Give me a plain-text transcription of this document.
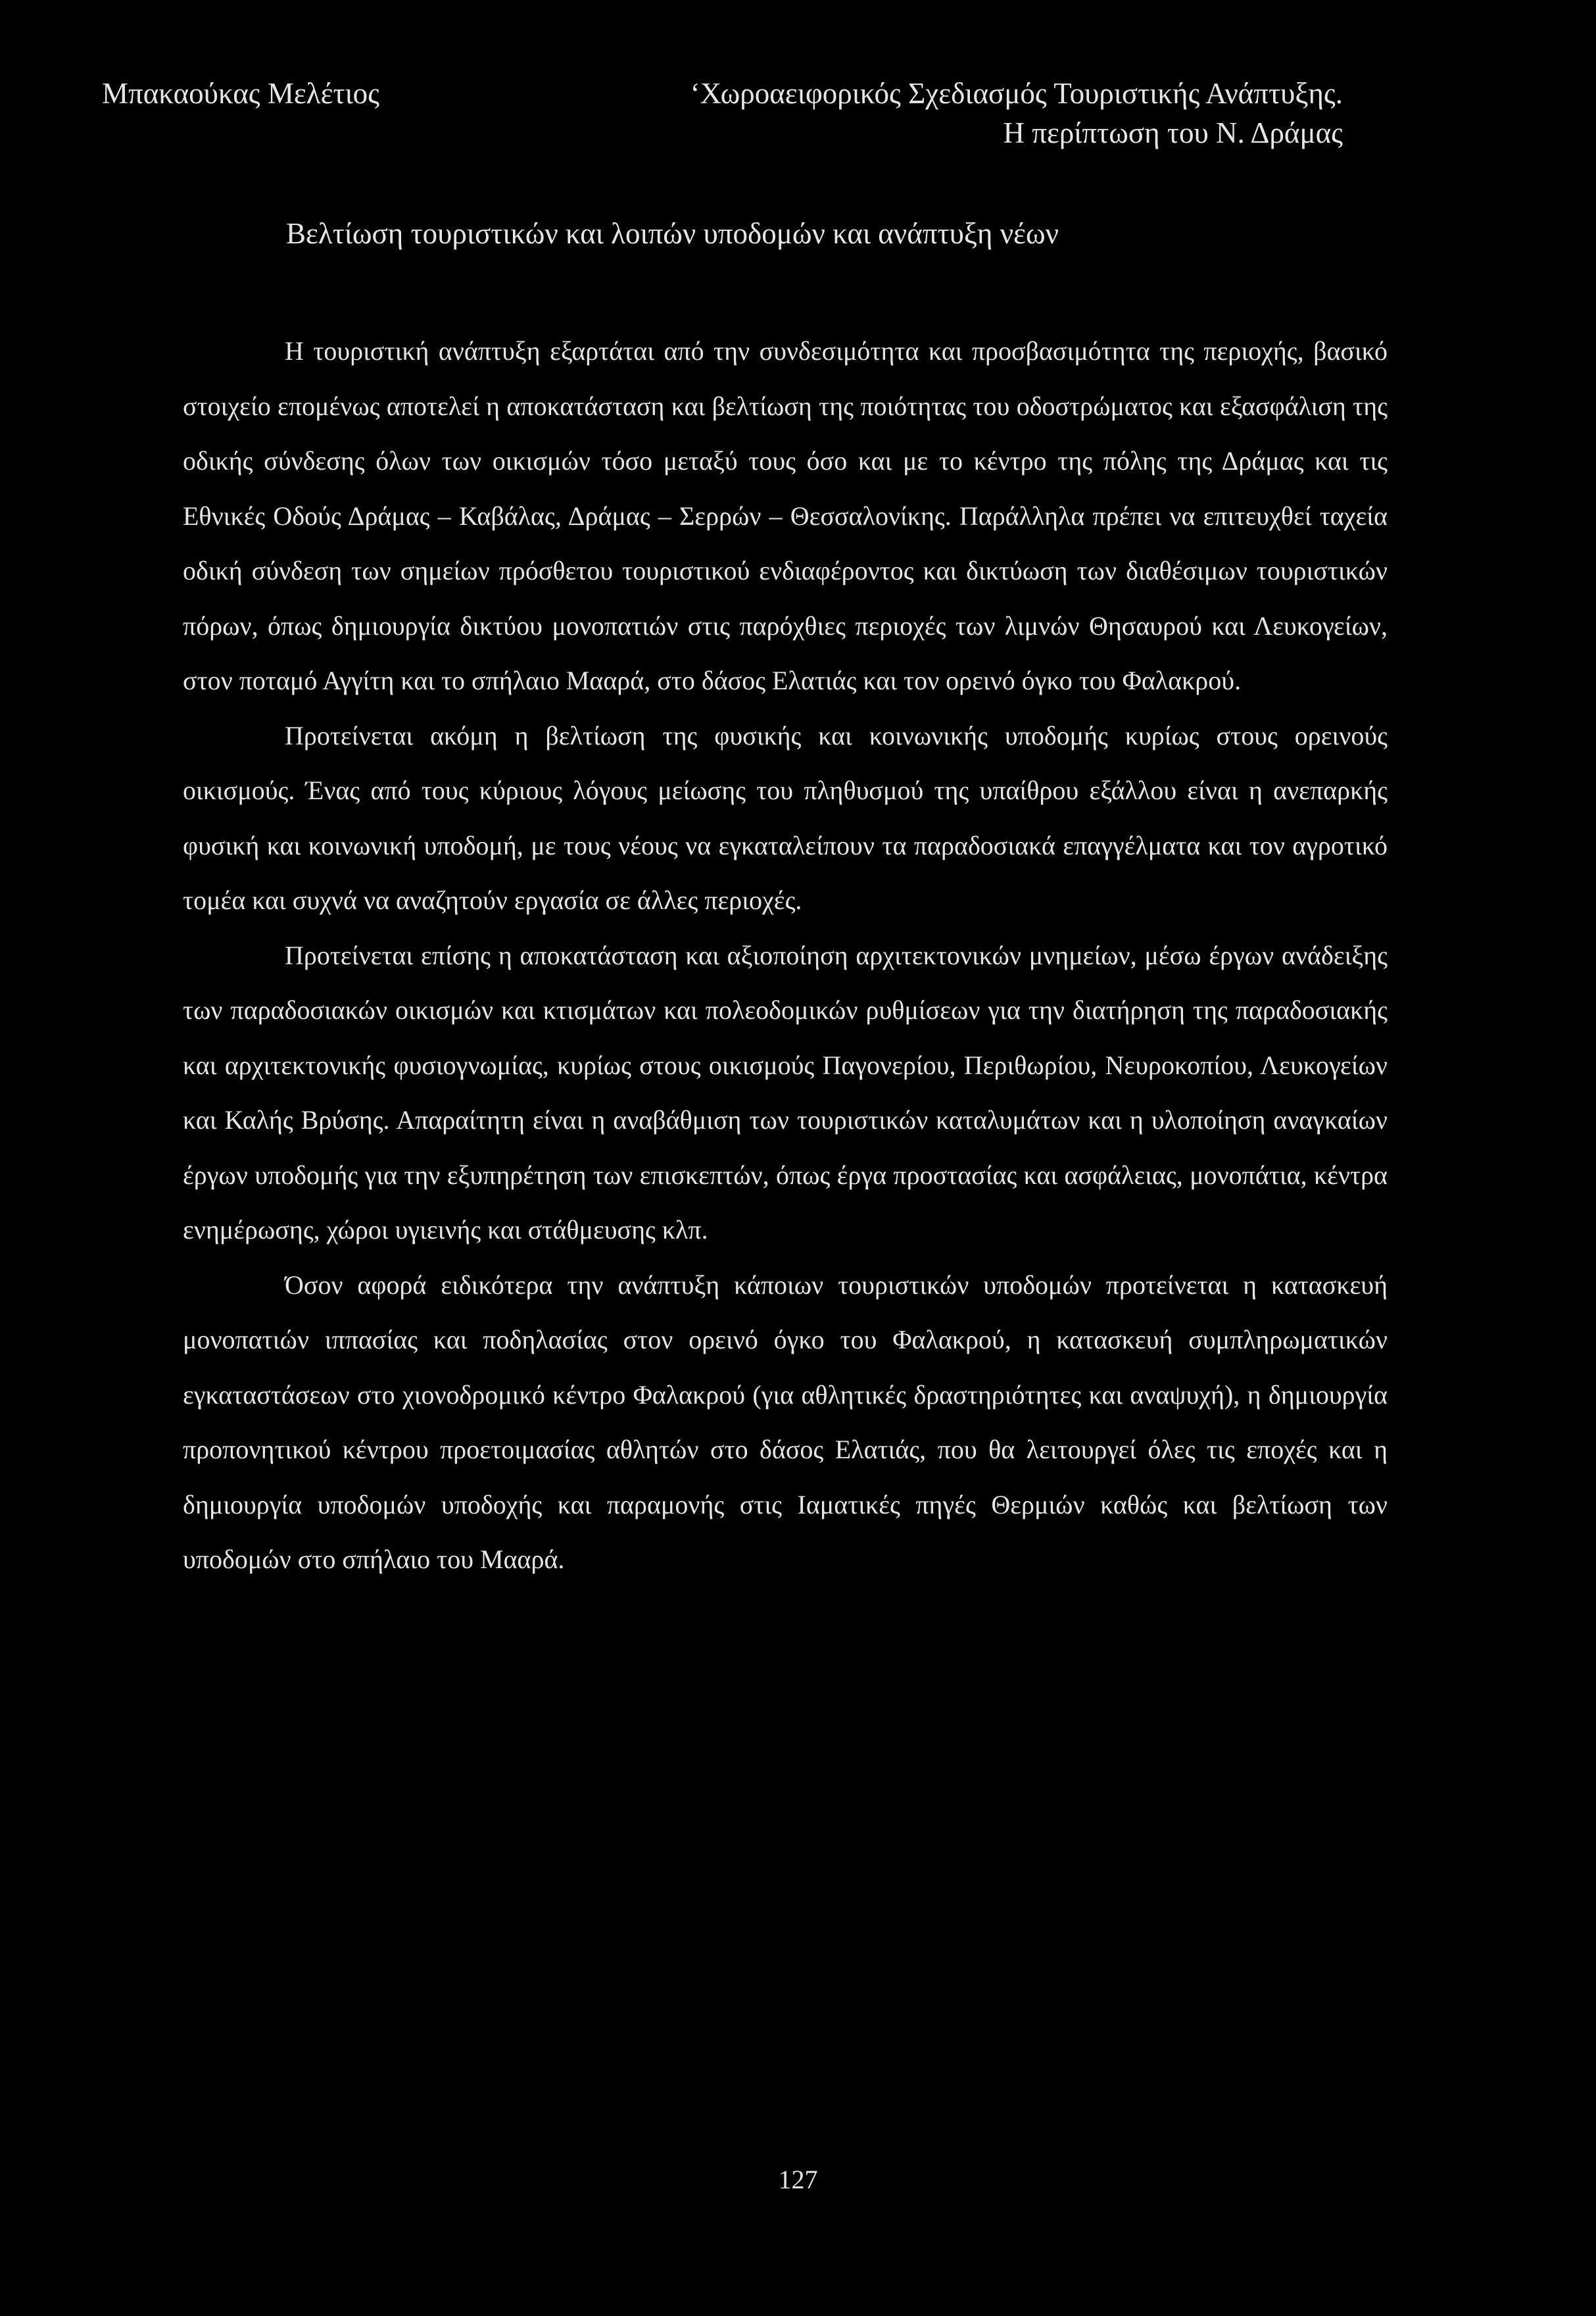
Μπακαούκας Μελέτιος	‘Χωροαειφορικός Σχεδιασμός Τουριστικής Ανάπτυξης.
Η περίπτωση του Ν. Δράμας
Βελτίωση τουριστικών και λοιπών υποδομών και ανάπτυξη νέων

Η τουριστική ανάπτυξη εξαρτάται από την συνδεσιμότητα και προσβασιμότητα της περιοχής, βασικό στοιχείο επομένως αποτελεί η αποκατάσταση και βελτίωση της ποιότητας του οδοστρώματος και εξασφάλιση της οδικής σύνδεσης όλων των οικισμών τόσο μεταξύ τους όσο και με το κέντρο της πόλης της Δράμας και τις Εθνικές Οδούς Δράμας – Καβάλας, Δράμας – Σερρών – Θεσσαλονίκης. Παράλληλα πρέπει να επιτευχθεί ταχεία οδική σύνδεση των σημείων πρόσθετου τουριστικού ενδιαφέροντος και δικτύωση των διαθέσιμων τουριστικών πόρων, όπως δημιουργία δικτύου μονοπατιών στις παρόχθιες περιοχές των λιμνών Θησαυρού και Λευκογείων, στον ποταμό Αγγίτη και το σπήλαιο Μααρά, στο δάσος Ελατιάς και τον ορεινό όγκο του Φαλακρού.

Προτείνεται ακόμη η βελτίωση της φυσικής και κοινωνικής υποδομής κυρίως στους ορεινούς οικισμούς. Ένας από τους κύριους λόγους μείωσης του πληθυσμού της υπαίθρου εξάλλου είναι η ανεπαρκής φυσική και κοινωνική υποδομή, με τους νέους να εγκαταλείπουν τα παραδοσιακά επαγγέλματα και τον αγροτικό τομέα και συχνά να αναζητούν εργασία σε άλλες περιοχές.

Προτείνεται επίσης η αποκατάσταση και αξιοποίηση αρχιτεκτονικών μνημείων, μέσω έργων ανάδειξης των παραδοσιακών οικισμών και κτισμάτων και πολεοδομικών ρυθμίσεων για την διατήρηση της παραδοσιακής και αρχιτεκτονικής φυσιογνωμίας, κυρίως στους οικισμούς Παγονερίου, Περιθωρίου, Νευροκοπίου, Λευκογείων και Καλής Βρύσης. Απαραίτητη είναι η αναβάθμιση των τουριστικών καταλυμάτων και η υλοποίηση αναγκαίων έργων υποδομής για την εξυπηρέτηση των επισκεπτών, όπως έργα προστασίας και ασφάλειας, μονοπάτια, κέντρα ενημέρωσης, χώροι υγιεινής και στάθμευσης κλπ.

Όσον αφορά ειδικότερα την ανάπτυξη κάποιων τουριστικών υποδομών προτείνεται η κατασκευή μονοπατιών ιππασίας και ποδηλασίας στον ορεινό όγκο του Φαλακρού, η κατασκευή συμπληρωματικών εγκαταστάσεων στο χιονοδρομικό κέντρο Φαλακρού (για αθλητικές δραστηριότητες και αναψυχή), η δημιουργία προπονητικού κέντρου προετοιμασίας αθλητών στο δάσος Ελατιάς, που θα λειτουργεί όλες τις εποχές και η δημιουργία υποδομών υποδοχής και παραμονής στις Ιαματικές πηγές Θερμιών καθώς και βελτίωση των υποδομών στο σπήλαιο του Μααρά.

127
